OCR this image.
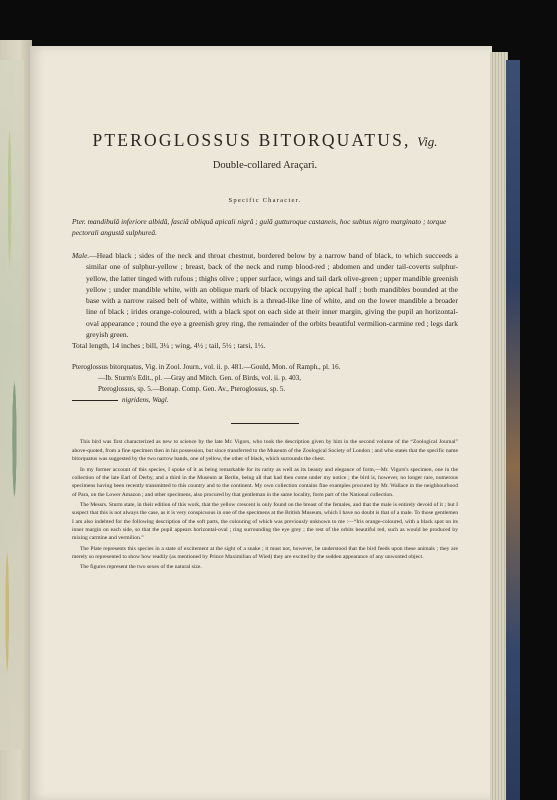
PTEROGLOSSUS BITORQUATUS, Vig.
Double-collared Araçari.
Specific Character.
Pter. mandibulâ inferiore albidâ, fasciâ obliquâ apicali nigrâ ; gulâ gutturoque castaneis, hoc subtus nigro marginato ; torque pectorali angustâ sulphureâ.
Male.—Head black ; sides of the neck and throat chestnut, bordered below by a narrow band of black, to which succeeds a similar one of sulphur-yellow ; breast, back of the neck and rump blood-red ; abdomen and under tail-coverts sulphur-yellow, the latter tinged with rufous ; thighs olive ; upper surface, wings and tail dark olive-green ; upper mandible greenish yellow ; under mandible white, with an oblique mark of black occupying the apical half ; both mandibles bounded at the base with a narrow raised belt of white, within which is a thread-like line of white, and on the lower mandible a broader line of black ; irides orange-coloured, with a black spot on each side at their inner margin, giving the pupil an horizontal-oval appearance ; round the eye a greenish grey ring, the remainder of the orbits beautiful vermilion-carmine red ; legs dark greyish green.
Total length, 14 inches ; bill, 3¼ ; wing, 4½ ; tail, 5½ ; tarsi, 1½.
Pteroglossus bitorquatus, Vig. in Zool. Journ., vol. ii. p. 481.—Gould, Mon. of Ramph., pl. 16.
—Ib. Sturm's Edit., pl. —Gray and Mitch. Gen. of Birds, vol. ii. p. 403,
Pteroglossus, sp. 5.—Bonap. Comp. Gen. Av., Pteroglossus, sp. 5.
nigridens, Wagl.

This bird was first characterized as new to science by the late Mr. Vigors, who took the description given by him in the second volume of the “Zoological Journal” above-quoted, from a fine specimen then in his possession, but since transferred to the Museum of the Zoological Society of London ; and who states that the specific name bitorquatus was suggested by the two narrow bands, one of yellow, the other of black, which surrounds the chest.

In my former account of this species, I spoke of it as being remarkable for its rarity as well as its beauty and elegance of form,—Mr. Vigors's specimen, one in the collection of the late Earl of Derby, and a third in the Museum at Berlin, being all that had then come under my notice ; the bird is, however, no longer rare, numerous specimens having been recently transmitted to this country and to the continent. My own collection contains fine examples procured by Mr. Wallace in the neighbourhood of Para, on the Lower Amazon ; and other specimens, also procured by that gentleman in the same locality, form part of the National collection.

The Messrs. Sturm state, in their edition of this work, that the yellow crescent is only found on the breast of the females, and that the male is entirely devoid of it ; but I suspect that this is not always the case, as it is very conspicuous in one of the specimens at the British Museum, which I have no doubt is that of a male. To those gentlemen I am also indebted for the following description of the soft parts, the colouring of which was previously unknown to me :—“Iris orange-coloured, with a black spot on its inner margin on each side, so that the pupil appears horizontal-oval ; ring surrounding the eye grey ; the rest of the orbits beautiful red, such as would be produced by mixing carmine and vermilion.”

The Plate represents this species in a state of excitement at the sight of a snake ; it must not, however, be understood that the bird feeds upon these animals ; they are merely so represented to show how readily (as mentioned by Prince Maximilian of Wied) they are excited by the sudden appearance of any unwonted object.

The figures represent the two sexes of the natural size.
